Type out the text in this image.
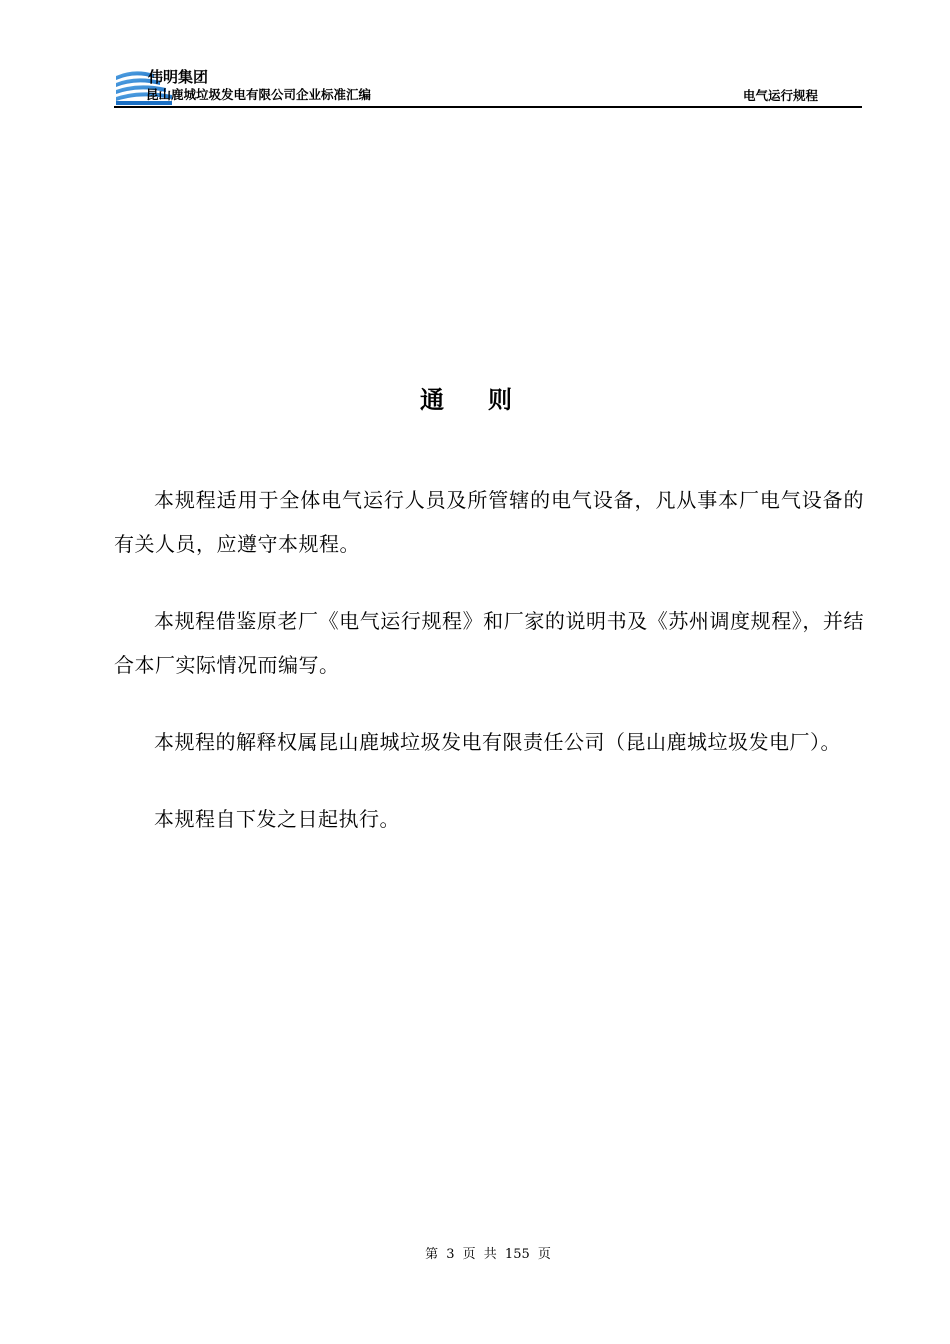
伟明集团
昆山鹿城垃圾发电有限公司企业标准汇编	电气运行规程
通则

本规程适用于全体电气运行人员及所管辖的电气设备，凡从事本厂电气设备的有关人员，应遵守本规程。

本规程借鉴原老厂《电气运行规程》和厂家的说明书及《苏州调度规程》，并结合本厂实际情况而编写。

本规程的解释权属昆山鹿城垃圾发电有限责任公司（昆山鹿城垃圾发电厂）。

本规程自下发之日起执行。

第 3 页 共 155 页
